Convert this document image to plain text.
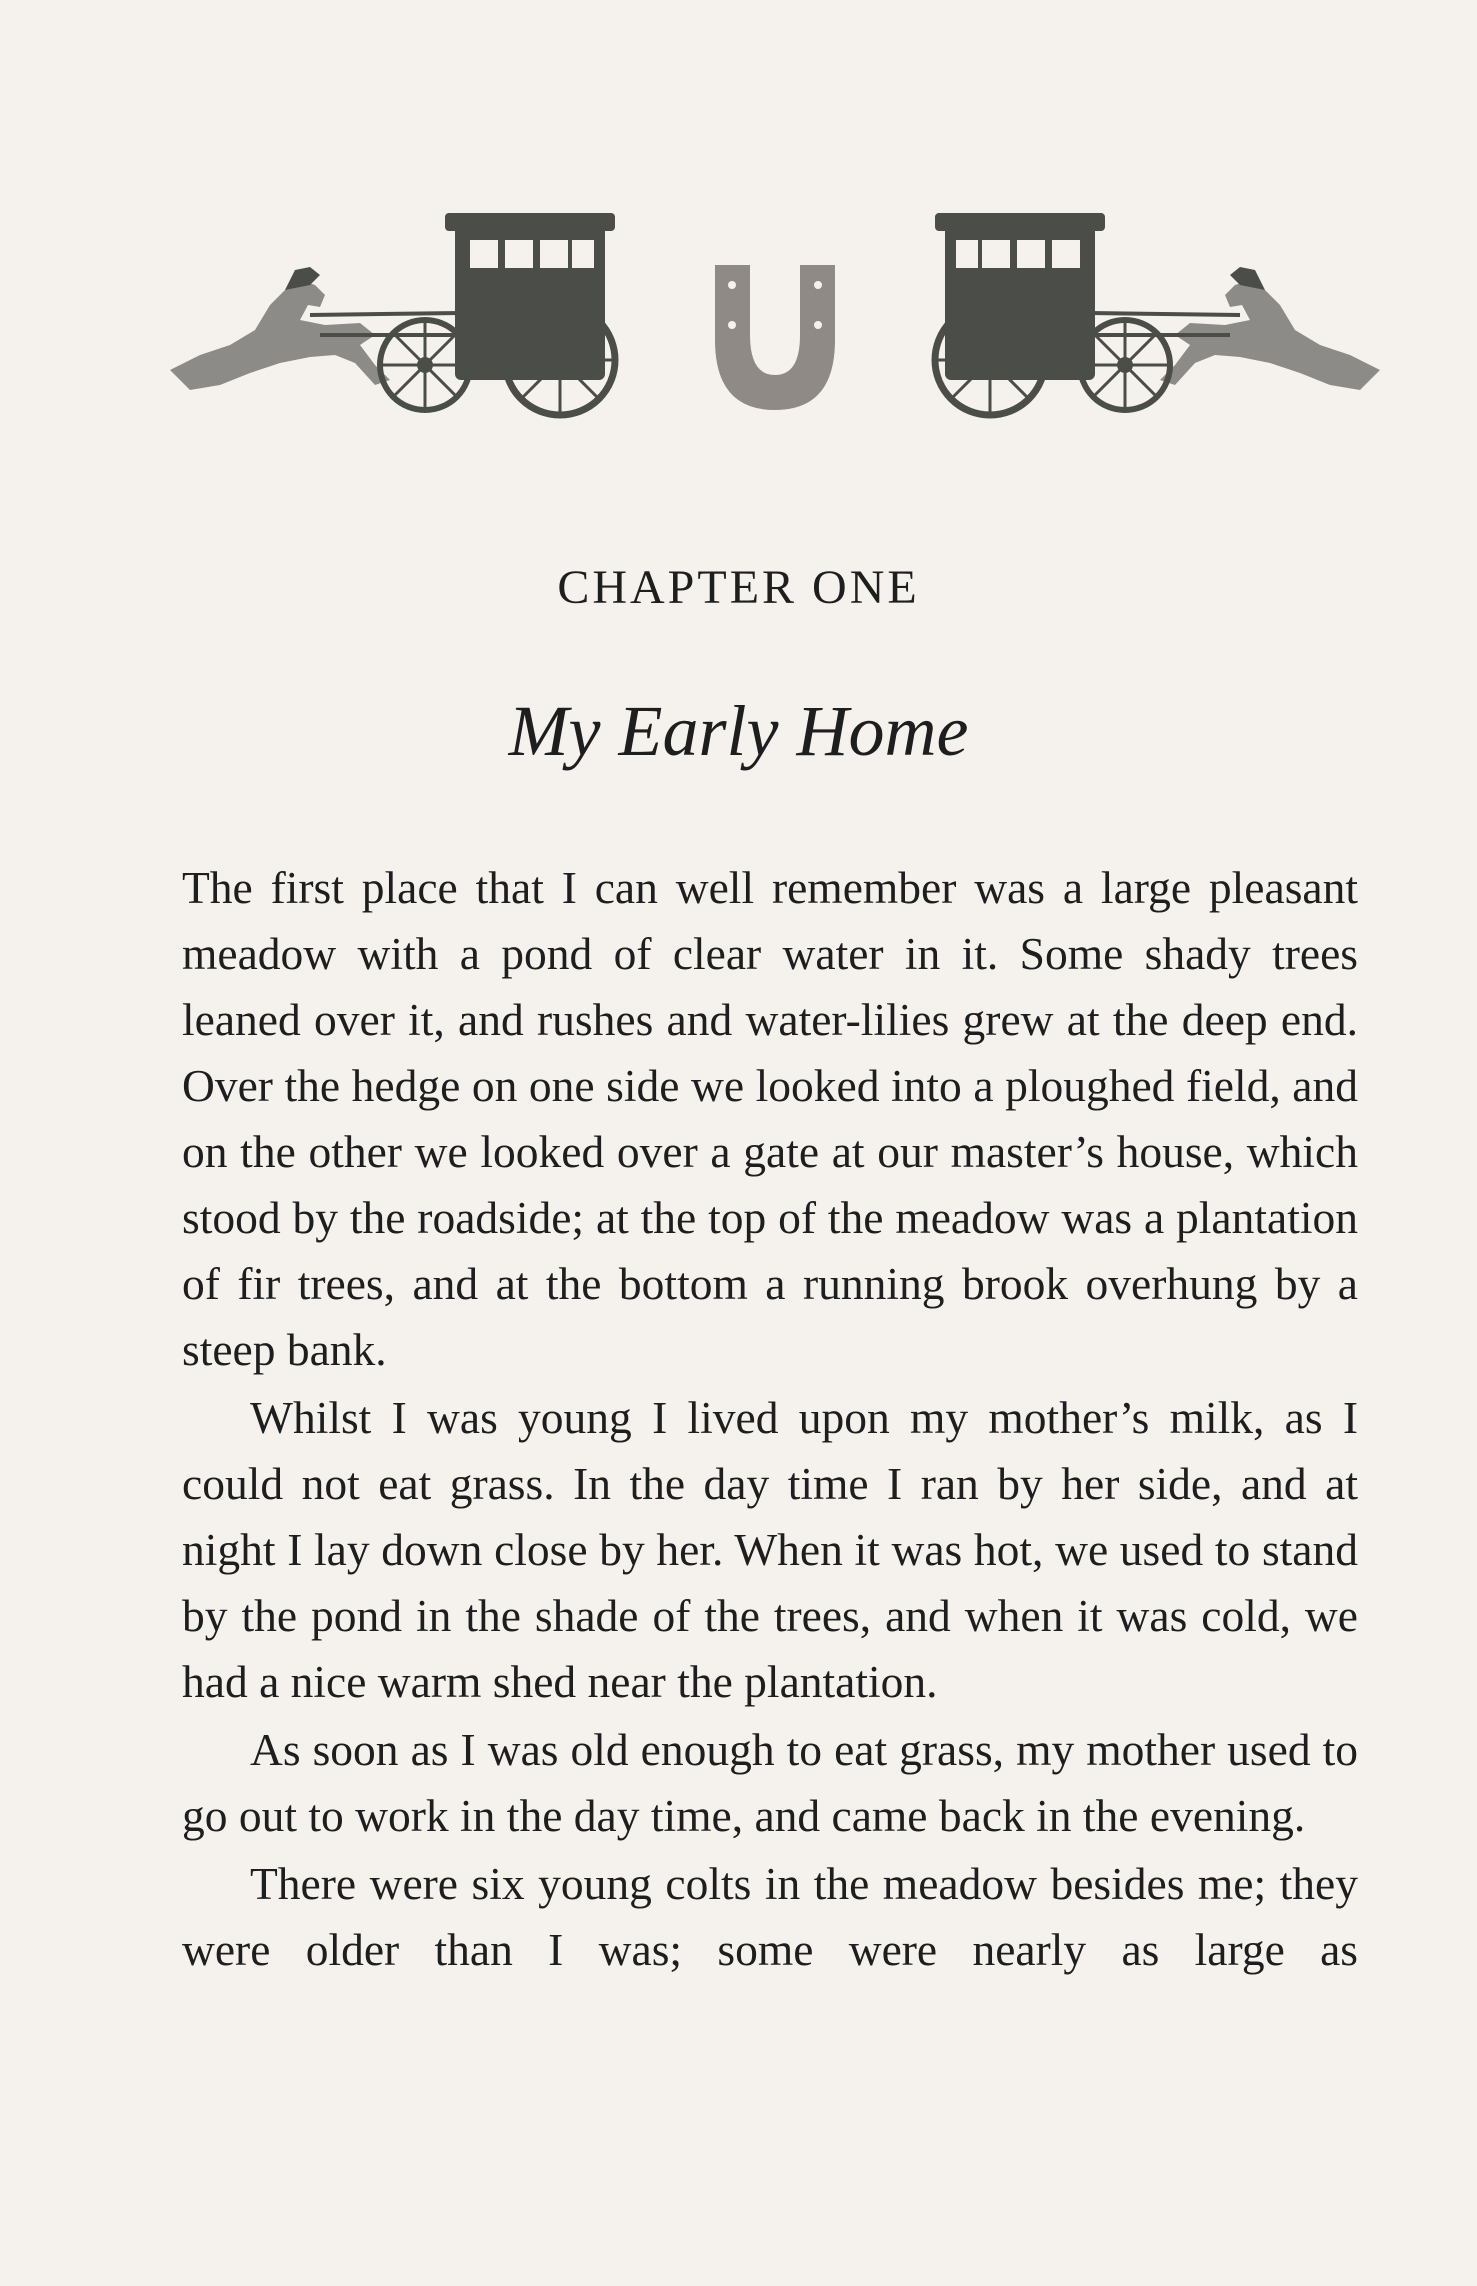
CHAPTER ONE
My Early Home

The first place that I can well remember was a large pleasant meadow with a pond of clear water in it. Some shady trees leaned over it, and rushes and water-lilies grew at the deep end. Over the hedge on one side we looked into a ploughed field, and on the other we looked over a gate at our master’s house, which stood by the roadside; at the top of the meadow was a plantation of fir trees, and at the bottom a running brook overhung by a steep bank.

Whilst I was young I lived upon my mother’s milk, as I could not eat grass. In the day time I ran by her side, and at night I lay down close by her. When it was hot, we used to stand by the pond in the shade of the trees, and when it was cold, we had a nice warm shed near the plantation.

As soon as I was old enough to eat grass, my mother used to go out to work in the day time, and came back in the evening.

There were six young colts in the meadow besides me; they were older than I was; some were nearly as large as
